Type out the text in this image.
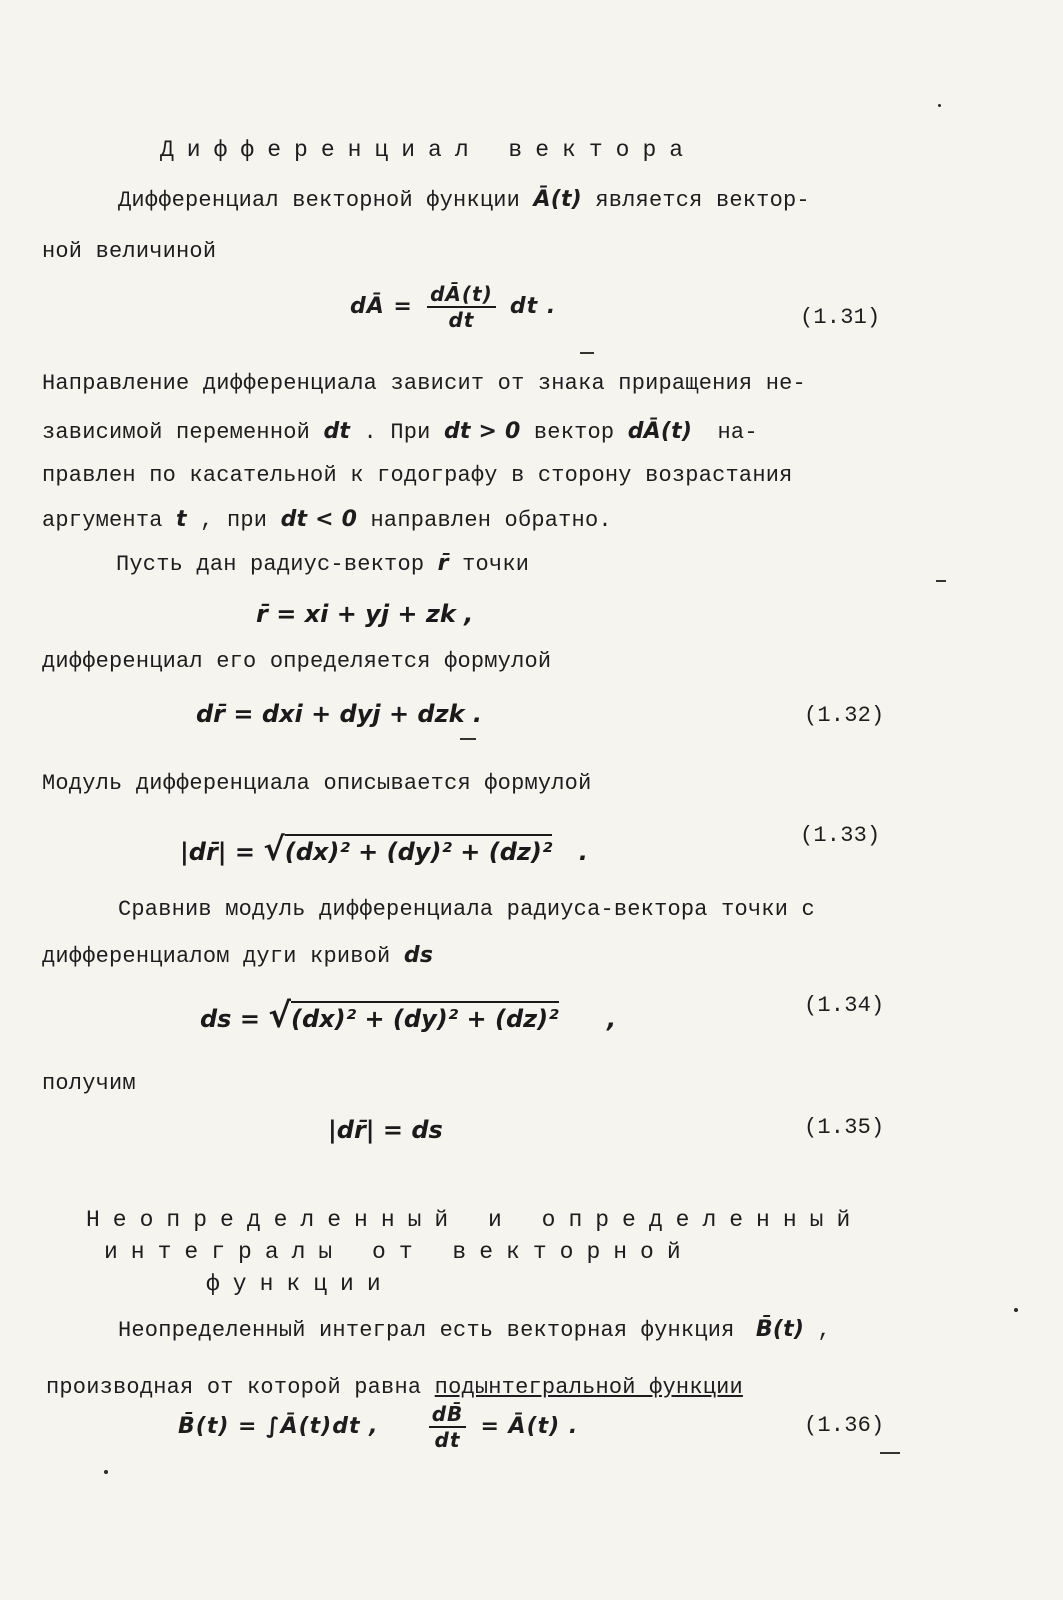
Дифференциал вектора
Дифференциал векторной функции Ā(t) является вектор-
ной величиной
dĀ = $\frac{dĀ(t)}{dt}$ dt .	(1.31)
Направление дифференциала зависит от знака приращения не-
зависимой переменной dt . При dt > 0 вектор dĀ(t) на-
правлен по касательной к годографу в сторону возрастания
аргумента t , при dt < 0 направлен обратно.
Пусть дан радиус-вектор r̄ точки
r̄ = xi + yj + zk ,
дифференциал его определяется формулой
dr̄ = dxi + dyj + dzk .	(1.32)
Модуль дифференциала описывается формулой
|dr̄| = √(dx)² + (dy)² + (dz)² .
(1.33)
Сравнив модуль дифференциала радиуса-вектора точки с
дифференциалом дуги кривой ds
ds = √(dx)² + (dy)² + (dz)² ,	(1.34)
получим
|dr̄| = ds	(1.35)
Неопределенный и определенный
интегралы от векторной
функции
Неопределенный интеграл есть векторная функция B̄(t) ,
производная от которой равна подынтегральной функции
B̄(t) = ∫Ā(t)dt ,	$\frac{dB̄}{dt}$ = Ā(t) .	(1.36)
